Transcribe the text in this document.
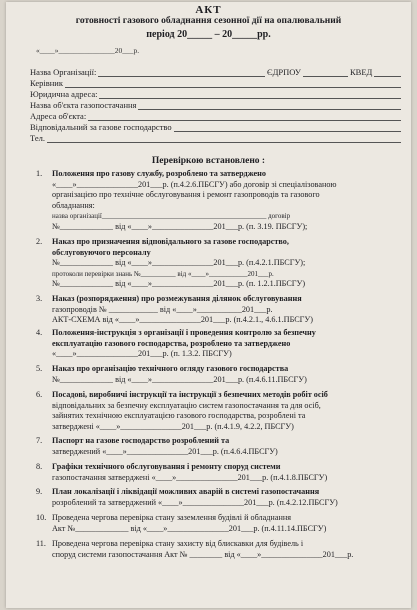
АКТ
готовності газового обладнання сезонної дії на опалювальний
період 20_____ – 20_____рр.
«____»_______________20___р.
Назва Організації:	ЄДРПОУ	КВЕД
Керівник
Юридична адреса:
Назва об'єкта газопостачання
Адреса об'єкта:
Відповідальний за газове господарство
Тел.
Перевіркою встановлено :
1. Положення про газову службу, розроблено та затверджено
«____»_______________201___р. (п.4.2.6.ПБСГУ) або договір зі спеціалізованою
організацією про технічне обслуговування і ремонт газопроводів та газового
обладнання:
назва організації_______________________________________________ договір
№_____________ від «____»_______________201___р. (п. 3.19. ПБСГУ);
2. Наказ про призначення відповідального за газове господарство,
обслуговуючого персоналу
№_____________ від «____»_______________201___р. (п.4.2.1.ПБСГУ);
протоколи перевірки знань №__________ від «____»___________201___р.
№_____________ від «____»_______________201___р. (п. 1.2.1.ПБСГУ)
3. Наказ (розпорядження) про розмежування ділянок обслуговування
газопроводів № ____________ від «____»___________201___р.
АКТ-СХЕМА від «____»_______________201___р. (п.4.2.1., 4.6.1.ПБСГУ)
4. Положення-інструкція з організації і проведення контролю за безпечну
експлуатацію газового господарства, розроблено та затверджено
«____»_______________201___р. (п. 1.3.2. ПБСГУ)
5. Наказ про організацію технічного огляду газового господарства
№_____________ від «____»_______________201___р. (п.4.6.11.ПБСГУ)
6. Посадові, виробничі інструкції та інструкції з безпечних методів робіт осіб
відповідальних за безпечну експлуатацію систем газопостачання та для осіб,
зайнятих технічною експлуатацією газового господарства, розроблені та
затверджені «____»_______________201___р. (п.4.1.9, 4.2.2, ПБСГУ)
7. Паспорт на газове господарство розроблений та
затверджений «____»_______________201___р. (п.4.6.4.ПБСГУ)
8. Графіки технічного обслуговування і ремонту споруд системи
газопостачання затверджені «____»_______________201___р. (п.4.1.8.ПБСГУ)
9. План локалізації і ліквідації можливих аварій в системі газопостачання
розроблений та затверджений «____»_______________201___р. (п.4.2.12.ПБСГУ)
10. Проведена чергова перевірка стану заземлення будівлі й обладнання
Акт №_____________ від «____»_______________201___р. (п.4.11.14.ПБСГУ)
11. Проведена чергова перевірка стану захисту від блискавки для будівель і
споруд системи газопостачання Акт № ________ від «____»_______________201___р.
